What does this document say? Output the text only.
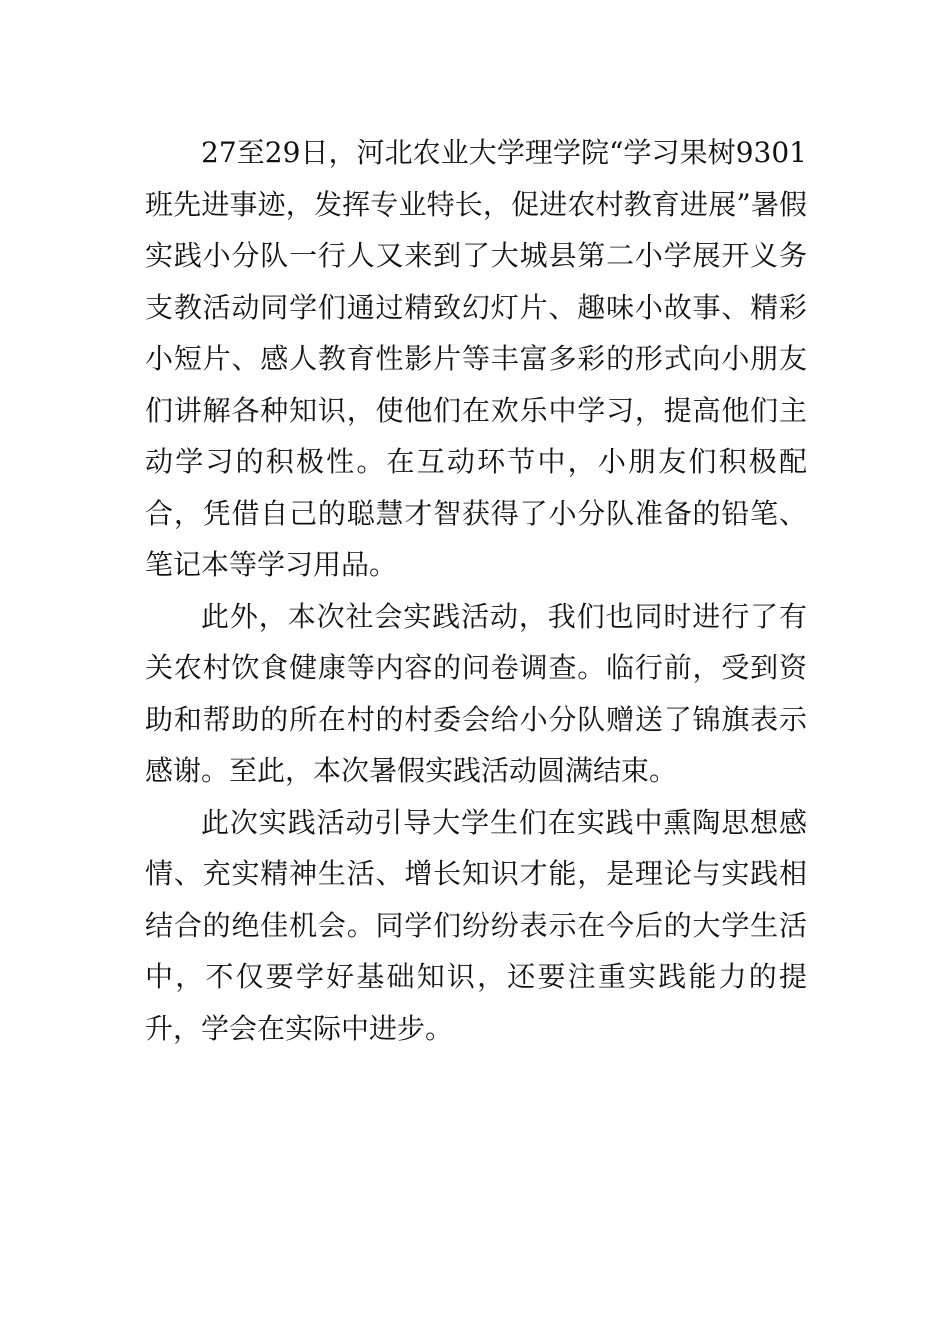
27至29日，河北农业大学理学院“学习果树9301班先进事迹，发挥专业特长，促进农村教育进展”暑假实践小分队一行人又来到了大城县第二小学展开义务支教活动同学们通过精致幻灯片、趣味小故事、精彩小短片、感人教育性影片等丰富多彩的形式向小朋友们讲解各种知识，使他们在欢乐中学习，提高他们主动学习的积极性。在互动环节中，小朋友们积极配合，凭借自己的聪慧才智获得了小分队准备的铅笔、笔记本等学习用品。

此外，本次社会实践活动，我们也同时进行了有关农村饮食健康等内容的问卷调查。临行前，受到资助和帮助的所在村的村委会给小分队赠送了锦旗表示感谢。至此，本次暑假实践活动圆满结束。

此次实践活动引导大学生们在实践中熏陶思想感情、充实精神生活、增长知识才能，是理论与实践相结合的绝佳机会。同学们纷纷表示在今后的大学生活中，不仅要学好基础知识，还要注重实践能力的提升，学会在实际中进步。
